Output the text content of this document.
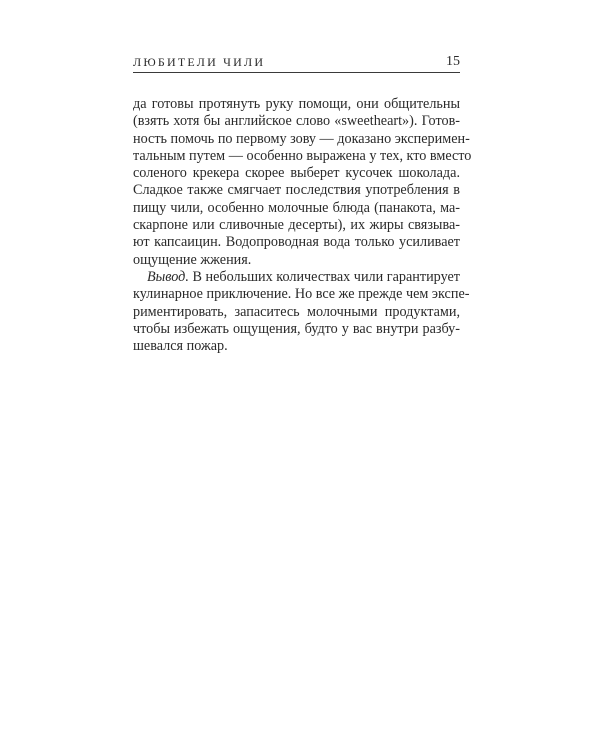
ЛЮБИТЕЛИ ЧИЛИ	15
да готовы протянуть руку помощи, они общительны
(взять хотя бы английское слово «sweetheart»). Готов-
ность помочь по первому зову — доказано эксперимен-
тальным путем — особенно выражена у тех, кто вместо
соленого крекера скорее выберет кусочек шоколада.
Сладкое также смягчает последствия употребления в
пищу чили, особенно молочные блюда (панакота, ма-
скарпоне или сливочные десерты), их жиры связыва-
ют капсаицин. Водопроводная вода только усиливает
ощущение жжения.
Вывод. В небольших количествах чили гарантирует
кулинарное приключение. Но все же прежде чем экспе-
риментировать, запаситесь молочными продуктами,
чтобы избежать ощущения, будто у вас внутри разбу-
шевался пожар.
